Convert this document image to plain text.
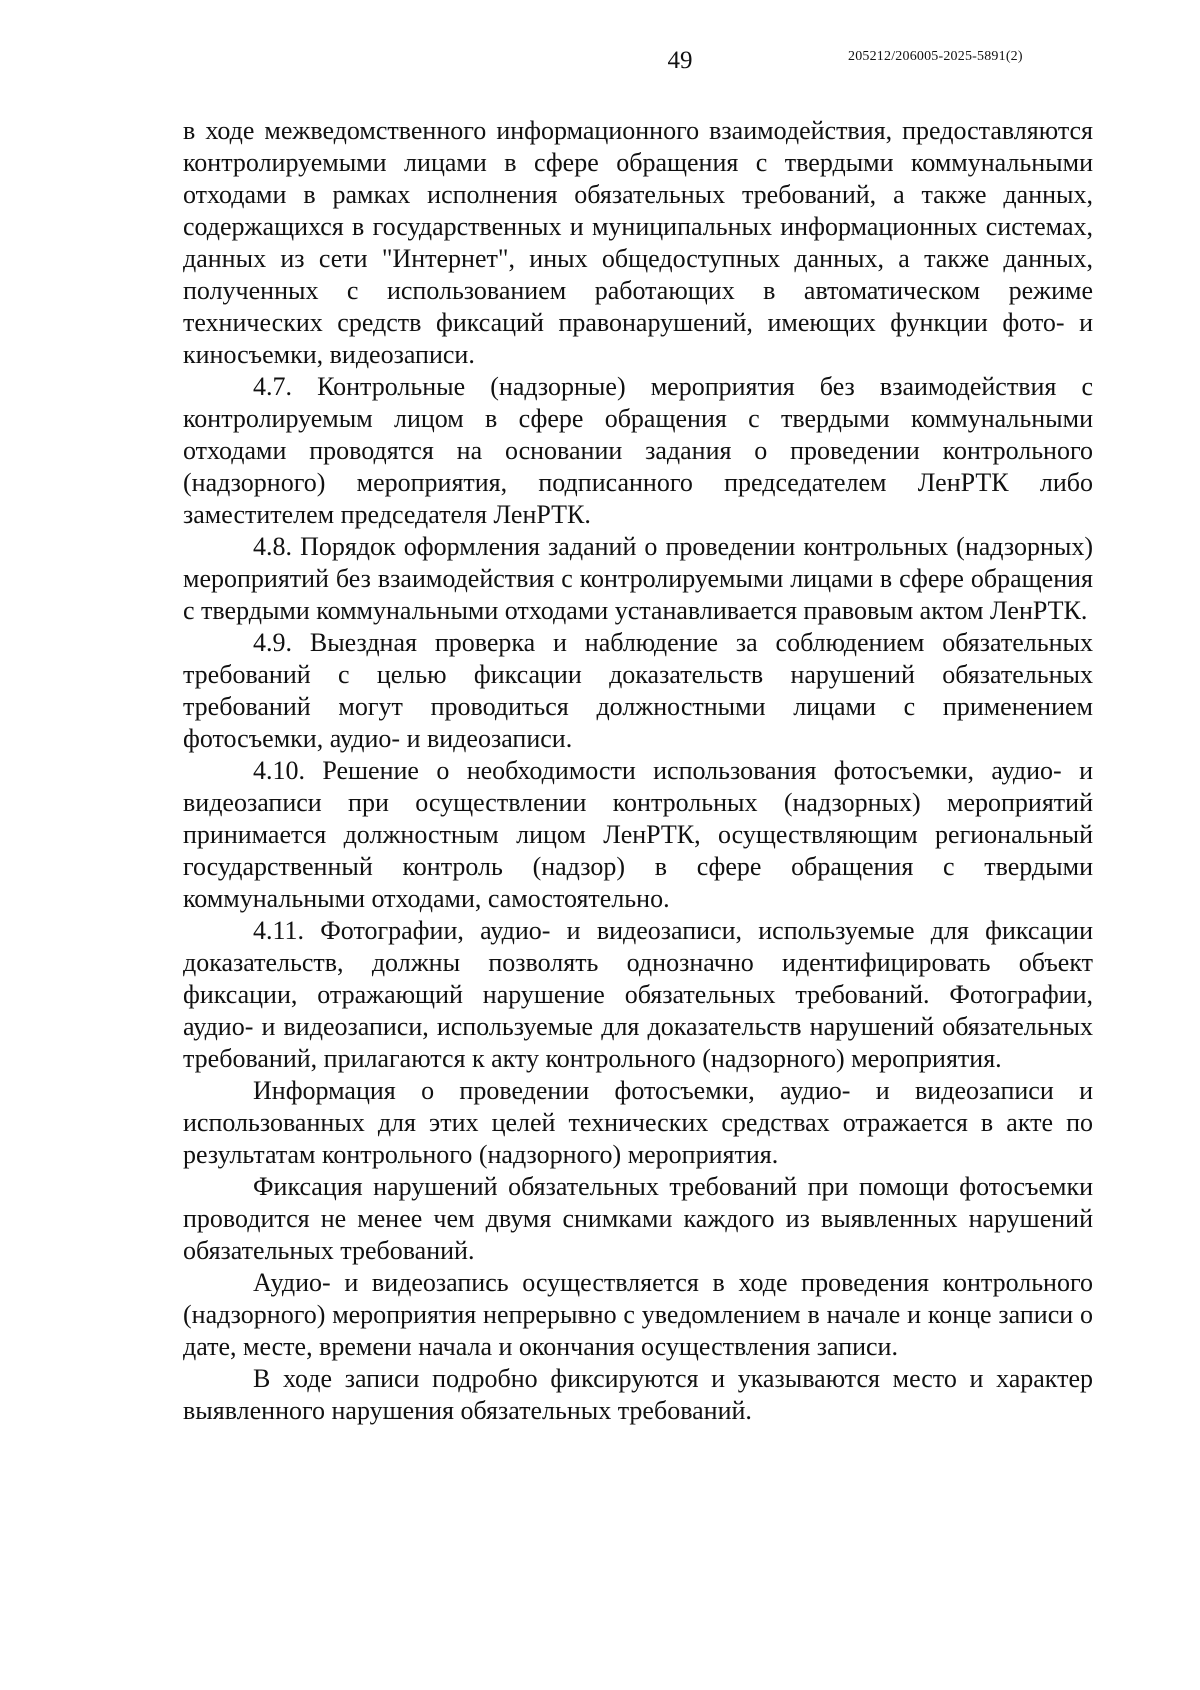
49	205212/206005-2025-5891(2)

в ходе межведомственного информационного взаимодействия, предоставляются контролируемыми лицами в сфере обращения с твердыми коммунальными отходами в рамках исполнения обязательных требований, а также данных, содержащихся в государственных и муниципальных информационных системах, данных из сети "Интернет", иных общедоступных данных, а также данных, полученных с использованием работающих в автоматическом режиме технических средств фиксаций правонарушений, имеющих функции фото- и киносъемки, видеозаписи.

4.7. Контрольные (надзорные) мероприятия без взаимодействия с контролируемым лицом в сфере обращения с твердыми коммунальными отходами проводятся на основании задания о проведении контрольного (надзорного) мероприятия, подписанного председателем ЛенРТК либо заместителем председателя ЛенРТК.

4.8. Порядок оформления заданий о проведении контрольных (надзорных) мероприятий без взаимодействия с контролируемыми лицами в сфере обращения с твердыми коммунальными отходами устанавливается правовым актом ЛенРТК.

4.9. Выездная проверка и наблюдение за соблюдением обязательных требований с целью фиксации доказательств нарушений обязательных требований могут проводиться должностными лицами с применением фотосъемки, аудио- и видеозаписи.

4.10. Решение о необходимости использования фотосъемки, аудио- и видеозаписи при осуществлении контрольных (надзорных) мероприятий принимается должностным лицом ЛенРТК, осуществляющим региональный государственный контроль (надзор) в сфере обращения с твердыми коммунальными отходами, самостоятельно.

4.11. Фотографии, аудио- и видеозаписи, используемые для фиксации доказательств, должны позволять однозначно идентифицировать объект фиксации, отражающий нарушение обязательных требований. Фотографии, аудио- и видеозаписи, используемые для доказательств нарушений обязательных требований, прилагаются к акту контрольного (надзорного) мероприятия.

Информация о проведении фотосъемки, аудио- и видеозаписи и использованных для этих целей технических средствах отражается в акте по результатам контрольного (надзорного) мероприятия.

Фиксация нарушений обязательных требований при помощи фотосъемки проводится не менее чем двумя снимками каждого из выявленных нарушений обязательных требований.

Аудио- и видеозапись осуществляется в ходе проведения контрольного (надзорного) мероприятия непрерывно с уведомлением в начале и конце записи о дате, месте, времени начала и окончания осуществления записи.

В ходе записи подробно фиксируются и указываются место и характер выявленного нарушения обязательных требований.
